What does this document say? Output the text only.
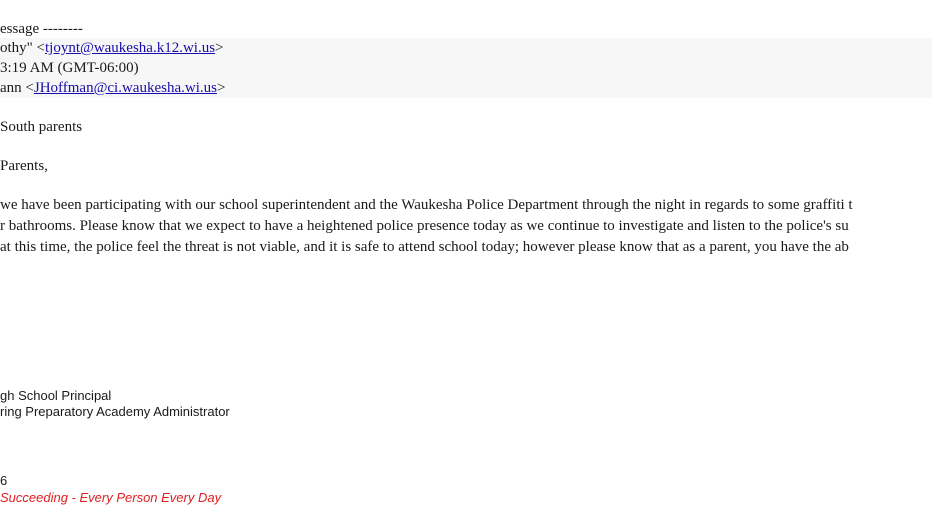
essage --------
othy" <tjoynt@waukesha.k12.wi.us>
3:19 AM (GMT-06:00)
ann <JHoffman@ci.waukesha.wi.us>
South parents
Parents,
we have been participating with our school superintendent and the Waukesha Police Department through the night in regards to some graffiti t
r bathrooms. Please know that we expect to have a heightened police presence today as we continue to investigate and listen to the police's su
at this time, the police feel the threat is not viable, and it is safe to attend school today; however please know that as a parent, you have the ab
gh School Principal
ring Preparatory Academy Administrator
6
Succeeding - Every Person Every Day
